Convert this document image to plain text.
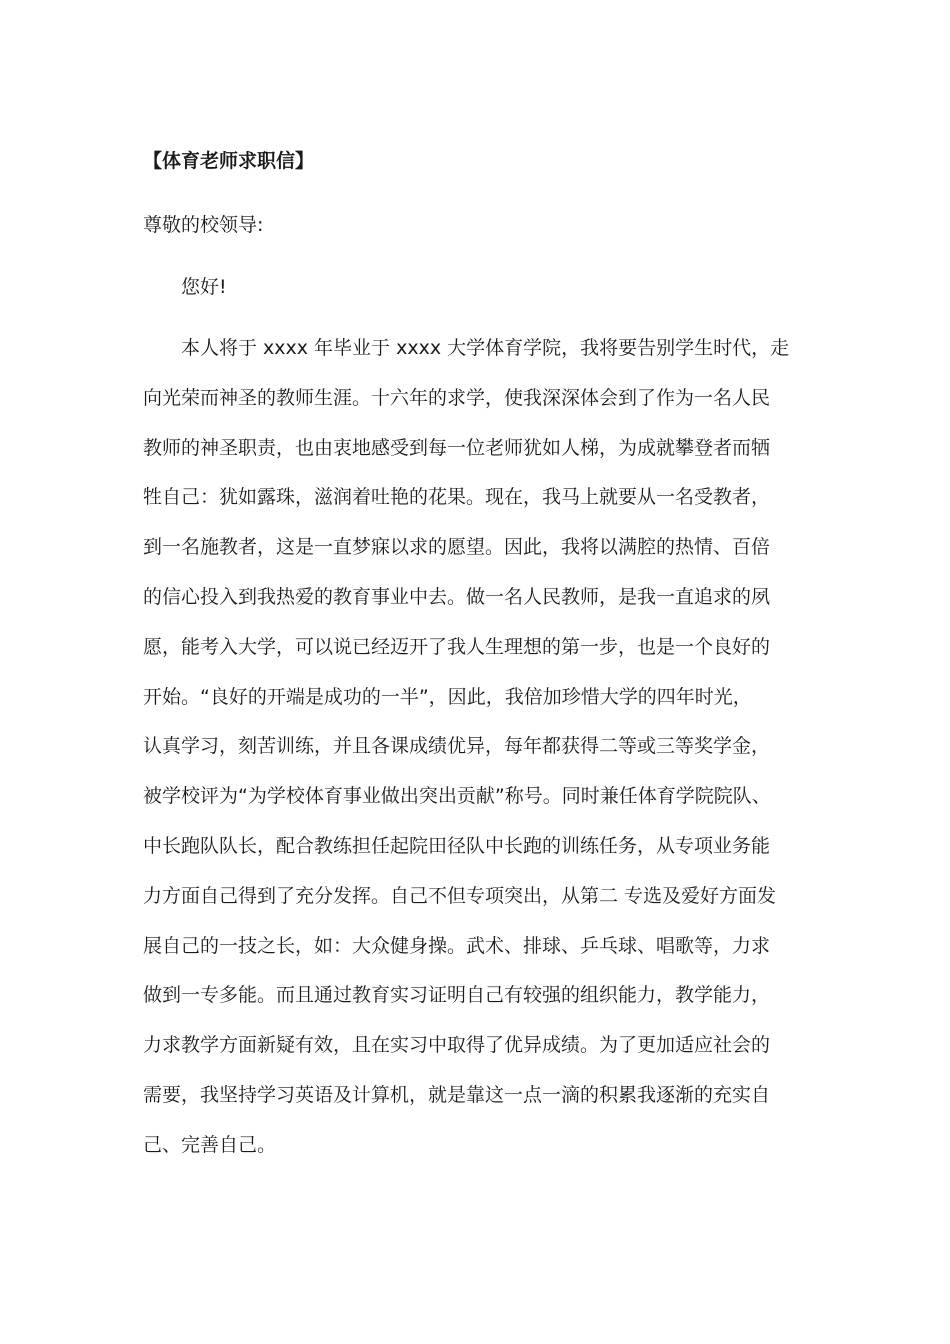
【体育老师求职信】
尊敬的校领导:
您好!
本人将于 xxxx 年毕业于 xxxx 大学体育学院，我将要告别学生时代，走
向光荣而神圣的教师生涯。十六年的求学，使我深深体会到了作为一名人民
教师的神圣职责，也由衷地感受到每一位老师犹如人梯，为成就攀登者而牺
牲自己：犹如露珠，滋润着吐艳的花果。现在，我马上就要从一名受教者，
到一名施教者，这是一直梦寐以求的愿望。因此，我将以满腔的热情、百倍
的信心投入到我热爱的教育事业中去。做一名人民教师，是我一直追求的夙
愿，能考入大学，可以说已经迈开了我人生理想的第一步，也是一个良好的
开始。“良好的开端是成功的一半”，因此，我倍加珍惜大学的四年时光，
认真学习，刻苦训练，并且各课成绩优异，每年都获得二等或三等奖学金，
被学校评为“为学校体育事业做出突出贡献”称号。同时兼任体育学院院队、
中长跑队队长，配合教练担任起院田径队中长跑的训练任务，从专项业务能
力方面自己得到了充分发挥。自己不但专项突出，从第二 专选及爱好方面发
展自己的一技之长，如：大众健身操。武术、排球、乒乓球、唱歌等，力求
做到一专多能。而且通过教育实习证明自己有较强的组织能力，教学能力，
力求教学方面新疑有效，且在实习中取得了优异成绩。为了更加适应社会的
需要，我坚持学习英语及计算机，就是靠这一点一滴的积累我逐渐的充实自
己、完善自己。
